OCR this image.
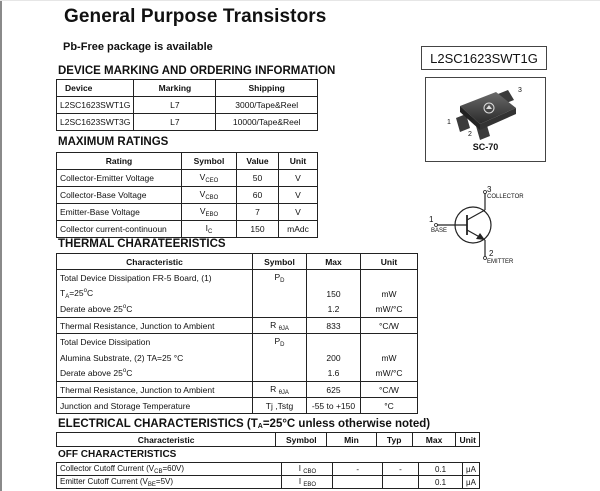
General Purpose Transistors
Pb-Free package is available
L2SC1623SWT1G
1
2
3
SC-70
3
COLLECTOR
1
BASE
2
EMITTER
DEVICE MARKING AND ORDERING INFORMATION
Device	Marking	Shipping
L2SC1623SWT1G	L7	3000/Tape&Reel
L2SC1623SWT3G	L7	10000/Tape&Reel
MAXIMUM RATINGS
Rating	Symbol	Value	Unit
Collector-Emitter Voltage	$V_{CEO}$	50	V
Collector-Base Voltage	$V_{CBO}$	60	V
Emitter-Base Voltage	$V_{EBO}$	7	V
Collector current-continuoun	$I_C$	150	mAdc
THERMAL CHARATEERISTICS
Characteristic	Symbol	Max	Unit
Total Device Dissipation FR-5 Board, (1)	$P_D$		
$T_A=25^oC$		150	mW
Derate above 25$^o$C		1.2	mW/°C
Thermal Resistance, Junction to Ambient	R $_{\theta JA}$	833	°C/W
Total Device Dissipation	$P_D$		
Alumina Substrate, (2) TA=25 °C		200	mW
Derate above 25$^o$C		1.6	mW/°C
Thermal Resistance, Junction to Ambient	R $_{\theta JA}$	625	°C/W
Junction and Storage Temperature	Tj ,Tstg	-55 to +150	°C
ELECTRICAL CHARACTERISTICS ($T_A=25^\circ C$ unless otherwise noted)
Characteristic	Symbol	Min	Typ	Max	Unit
OFF CHARACTERISTICS
Collector Cutoff Current $(V_{CB}=60V)$	I $_{CBO}$	-	-	0.1	μA
Emitter Cutoff Current $(V_{BE}=5V)$	I $_{EBO}$			0.1	μA
